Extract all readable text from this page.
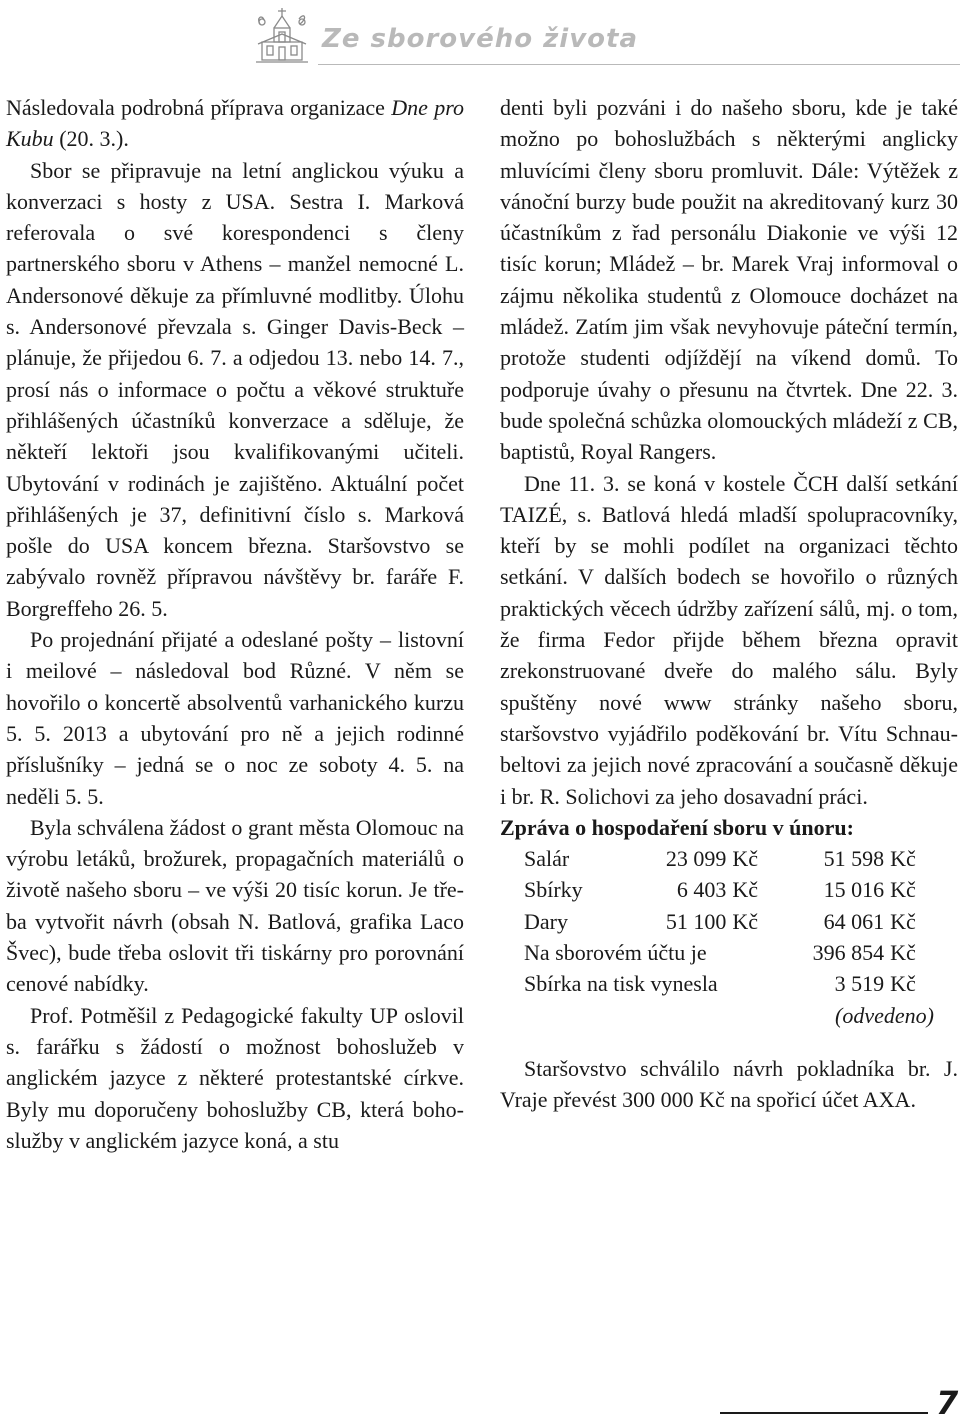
Ze sborového života

Následovala podrobná příprava organizace Dne pro Kubu (20. 3.).

Sbor se připravuje na letní anglickou výuku a konverzaci s hosty z USA. Sestra I. Marková referovala o své korespondenci s členy partnerského sboru v Athens – manžel nemocné L. Andersonové děkuje za přímluvné modlitby. Úlohu s. Andersonové převzala s. Ginger Davis-Beck – plánuje, že přijedou 6. 7. a odjedou 13. nebo 14. 7., prosí nás o informace o počtu a věkové struktuře přihlášených účastníků konverzace a sděluje, že někteří lektoři jsou kvalifikovanými učiteli. Ubytování v rodinách je zajištěno. Aktuální počet přihlášených je 37, definitivní číslo s. Marková pošle do USA koncem března. Staršovstvo se zabývalo rovněž přípravou návštěvy br. faráře F. Borgreffeho 26. 5.

Po projednání přijaté a odeslané pošty – listovní i meilové – následoval bod Různé. V něm se hovořilo o koncertě absolventů varhanického kurzu 5. 5. 2013 a ubytování pro ně a jejich rodinné příslušníky – jedná se o noc ze soboty 4. 5. na neděli 5. 5.

Byla schválena žádost o grant města Olomouc na výrobu letáků, brožurek, propagačních materiálů o životě našeho sboru – ve výši 20 tisíc korun. Je třeba vytvořit návrh (obsah N. Batlová, grafika Laco Švec), bude třeba oslovit tři tiskárny pro porovnání cenové nabídky.

Prof. Potměšil z Pedagogické fakulty UP oslovil s. farářku s žádostí o možnost bohoslužeb v anglickém jazyce z některé protestantské církve. Byly mu doporučeny bohoslužby CB, která bohoslužby v anglickém jazyce koná, a stu

denti byli pozváni i do našeho sboru, kde je také možno po bohoslužbách s některými anglicky mluvícími členy sboru promluvit. Dále: Výtěžek z vánoční burzy bude použit na akreditovaný kurz 30 účastníkům z řad personálu Diakonie ve výši 12 tisíc korun; Mládež – br. Marek Vraj informoval o zájmu několika studentů z Olomouce docházet na mládež. Zatím jim však nevyhovuje páteční termín, protože studenti odjíždějí na víkend domů. To podporuje úvahy o přesunu na čtvrtek. Dne 22. 3. bude společná schůzka olomouckých mládeží z CB, baptistů, Royal Rangers.

Dne 11. 3. se koná v kostele ČCH další setkání TAIZÉ, s. Batlová hledá mladší spolupracovníky, kteří by se mohli podílet na organizaci těchto setkání. V dalších bodech se hovořilo o různých praktických věcech údržby zařízení sálů, mj. o tom, že firma Fedor přijde během března opravit zrekonstruované dveře do malého sálu. Byly spuštěny nové www stránky našeho sboru, staršovstvo vyjádřilo poděkování br. Vítu Schnaubeltovi za jejich nové zpracování a současně děkuje i br. R. Solichovi za jeho dosavadní práci.

Zpráva o hospodaření sboru v únoru:

Salár	23 099	Kč	51 598	Kč
Sbírky	6 403	Kč	15 016	Kč
Dary	51 100	Kč	64 061	Kč
Na sborovém účtu je			396 854	Kč
Sbírka na tisk vynesla			3 519	Kč
(odvedeno)				

Staršovstvo schválilo návrh pokladníka br. J. Vraje převést 300 000 Kč na spořicí účet AXA.

7
